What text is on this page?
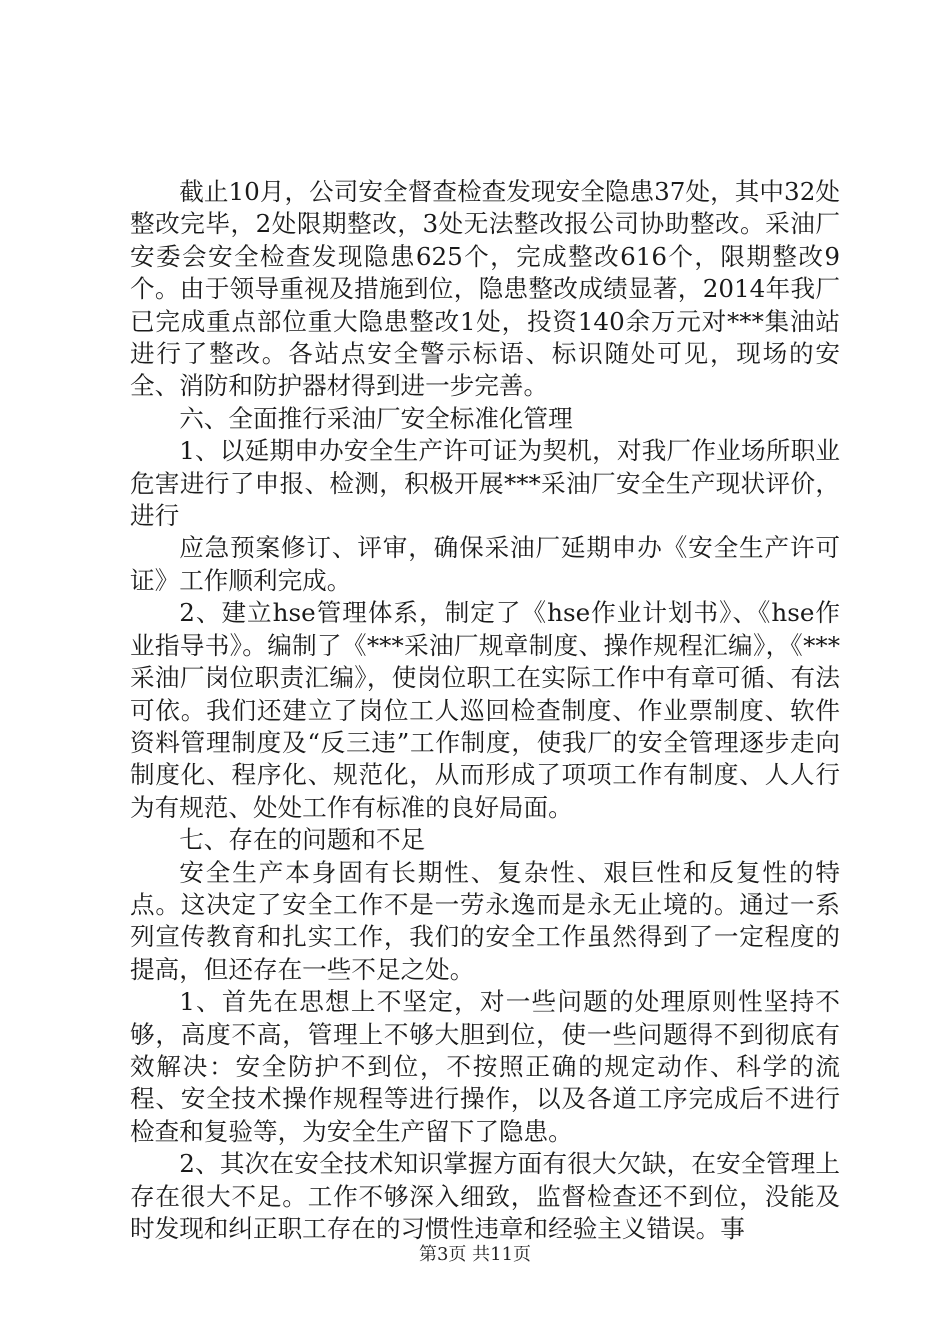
截止10月，公司安全督查检查发现安全隐患37处，其中32处整改完毕，2处限期整改，3处无法整改报公司协助整改。采油厂安委会安全检查发现隐患625个，完成整改616个，限期整改9个。由于领导重视及措施到位，隐患整改成绩显著，2014年我厂已完成重点部位重大隐患整改1处，投资140余万元对***集油站进行了整改。各站点安全警示标语、标识随处可见，现场的安全、消防和防护器材得到进一步完善。

六、全面推行采油厂安全标准化管理

1、以延期申办安全生产许可证为契机，对我厂作业场所职业危害进行了申报、检测，积极开展***采油厂安全生产现状评价，进行

应急预案修订、评审，确保采油厂延期申办《安全生产许可证》工作顺利完成。

2、建立hse管理体系，制定了《hse作业计划书》、《hse作业指导书》。编制了《***采油厂规章制度、操作规程汇编》，《***采油厂岗位职责汇编》，使岗位职工在实际工作中有章可循、有法可依。我们还建立了岗位工人巡回检查制度、作业票制度、软件资料管理制度及“反三违”工作制度，使我厂的安全管理逐步走向制度化、程序化、规范化，从而形成了项项工作有制度、人人行为有规范、处处工作有标准的良好局面。

七、存在的问题和不足

安全生产本身固有长期性、复杂性、艰巨性和反复性的特点。这决定了安全工作不是一劳永逸而是永无止境的。通过一系列宣传教育和扎实工作，我们的安全工作虽然得到了一定程度的提高，但还存在一些不足之处。

1、首先在思想上不坚定，对一些问题的处理原则性坚持不够，高度不高，管理上不够大胆到位，使一些问题得不到彻底有效解决：安全防护不到位，不按照正确的规定动作、科学的流程、安全技术操作规程等进行操作，以及各道工序完成后不进行检查和复验等，为安全生产留下了隐患。

2、其次在安全技术知识掌握方面有很大欠缺，在安全管理上存在很大不足。工作不够深入细致，监督检查还不到位，没能及时发现和纠正职工存在的习惯性违章和经验主义错误。事

第3页 共11页
